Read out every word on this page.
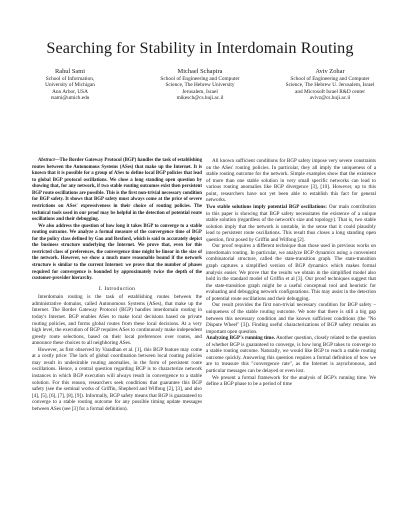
Searching for Stability in Interdomain Routing
Rahul Sami
School of Information,
University of Michigan
Ann Arbor, USA
rsami@umich.edu
Michael Schapira
School of Engineering and Computer
Science, The Hebrew University
Jerusalem, Israel
mikesch@cs.huji.ac.il
Aviv Zohar
School of Engineering and Computer
Science, The Hebrew U. Jerusalem, Israel
and Microsoft Israel R&D center
avivz@cs.huji.ac.il

Abstract—The Border Gateway Protocol (BGP) handles the task of establishing routes between the Autonomous Systems (ASes) that make up the Internet. It is known that it is possible for a group of ASes to define local BGP policies that lead to global BGP protocol oscillations. We close a long standing open question by showing that, for any network, if two stable routing outcomes exist then persistent BGP route oscillations are possible. This is the first non-trivial necessary condition for BGP safety. It shows that BGP safety must always come at the price of severe restrictions on ASes' expressiveness in their choice of routing policies. The technical tools used in our proof may be helpful in the detection of potential route oscillations and their debugging.

We also address the question of how long it takes BGP to converge to a stable routing outcome. We analyze a formal measure of the convergence time of BGP for the policy class defined by Gao and Rexford, which is said to accurately depict the business structure underlying the Internet. We prove that, even for this restricted class of preferences, the convergence time might be linear in the size of the network. However, we show a much more reasonable bound if the network structure is similar to the current Internet: we prove that the number of phases required for convergence is bounded by approximately twice the depth of the customer-provider hierarchy.

I. Introduction

Interdomain routing is the task of establishing routes between the administrative domains, called Autonomous Systems (ASes), that make up the Internet. The Border Gateway Protocol (BGP) handles interdomain routing in today's Internet. BGP enables ASes to make local decisions based on private routing policies, and forms global routes from these local decisions. At a very high level, the execution of BGP requires ASes to continuously make independent greedy route selections, based on their local preferences over routes, and announce these choices to all neighboring ASes.

However, as first observed by Varadhan et al. [1], this BGP feature may come at a costly price: The lack of global coordination between local routing policies may result in undesirable routing anomalies, in the form of persistent route oscillations. Hence, a central question regarding BGP is to characterize network instances in which BGP execution will always result in convergence to a stable solution. For this reason, researchers seek conditions that guarantee this BGP safety (see the seminal works of Griffin, Shepherd and Wilfong [2], [3], and also [4], [5], [6], [7], [8], [9]). Informally, BGP safety means that BGP is guaranteed to converge to a stable routing outcome for any possible timing update messages between ASes (see [3] for a formal definition).

All known sufficient conditions for BGP safety impose very severe constraints on the ASes' routing policies. In particular, they all imply the uniqueness of a stable routing outcome for the network. Simple examples show that the existence of more than one stable solution in very small specific networks can lead to various routing anomalies like BGP divergence [3], [10]. However, up to this point, researchers have not yet been able to establish this fact for general networks.

Two stable solutions imply potential BGP oscillations: Our main contribution in this paper is showing that BGP safety necessitates the existence of a unique stable solution (regardless of the network's size and topology). That is, two stable solution imply that the network is unstable, in the sense that it could plausibly lead to persistent route oscillations. This result thus closes a long standing open question, first posed by Griffin and Wilfong [2].

Our proof requires a different technique than those used in previous works on interdomain routing. In particular, we analyze BGP dynamics using a convenient combinatorial structure, called the state-transition graph. The state-transition graph captures a simplified version of BGP dynamics which makes formal analysis easier. We prove that the results we obtain in the simplified model also hold in the standard model of Griffin et al [3]. Our proof techniques suggest that the state-transition graph might be a useful conceptual tool and heuristic for evaluating and debugging network configurations. This may assist in the detection of potential route oscillations and their debugging.

Our result provides the first non-trivial necessary condition for BGP safety – uniqueness of the stable routing outcome. We note that there is still a big gap between this necessary condition and the known sufficient conditions (the "No Dispute Wheel" [3]). Finding useful characterizations of BGP safety remains an important open question.

Analyzing BGP's running time. Another question, closely related to the question of whether BGP is guaranteed to converge, is how long BGP takes to converge to a stable routing outcome. Naturally, we would like BGP to reach a stable routing outcome quickly. Answering this question requires a formal definition of how we are to measure this "convergence rate", as the Internet is asynchronous, and particular messages can be delayed or even lost.

We present a formal framework for the analysis of BGP's running time. We define a BGP phase to be a period of time
